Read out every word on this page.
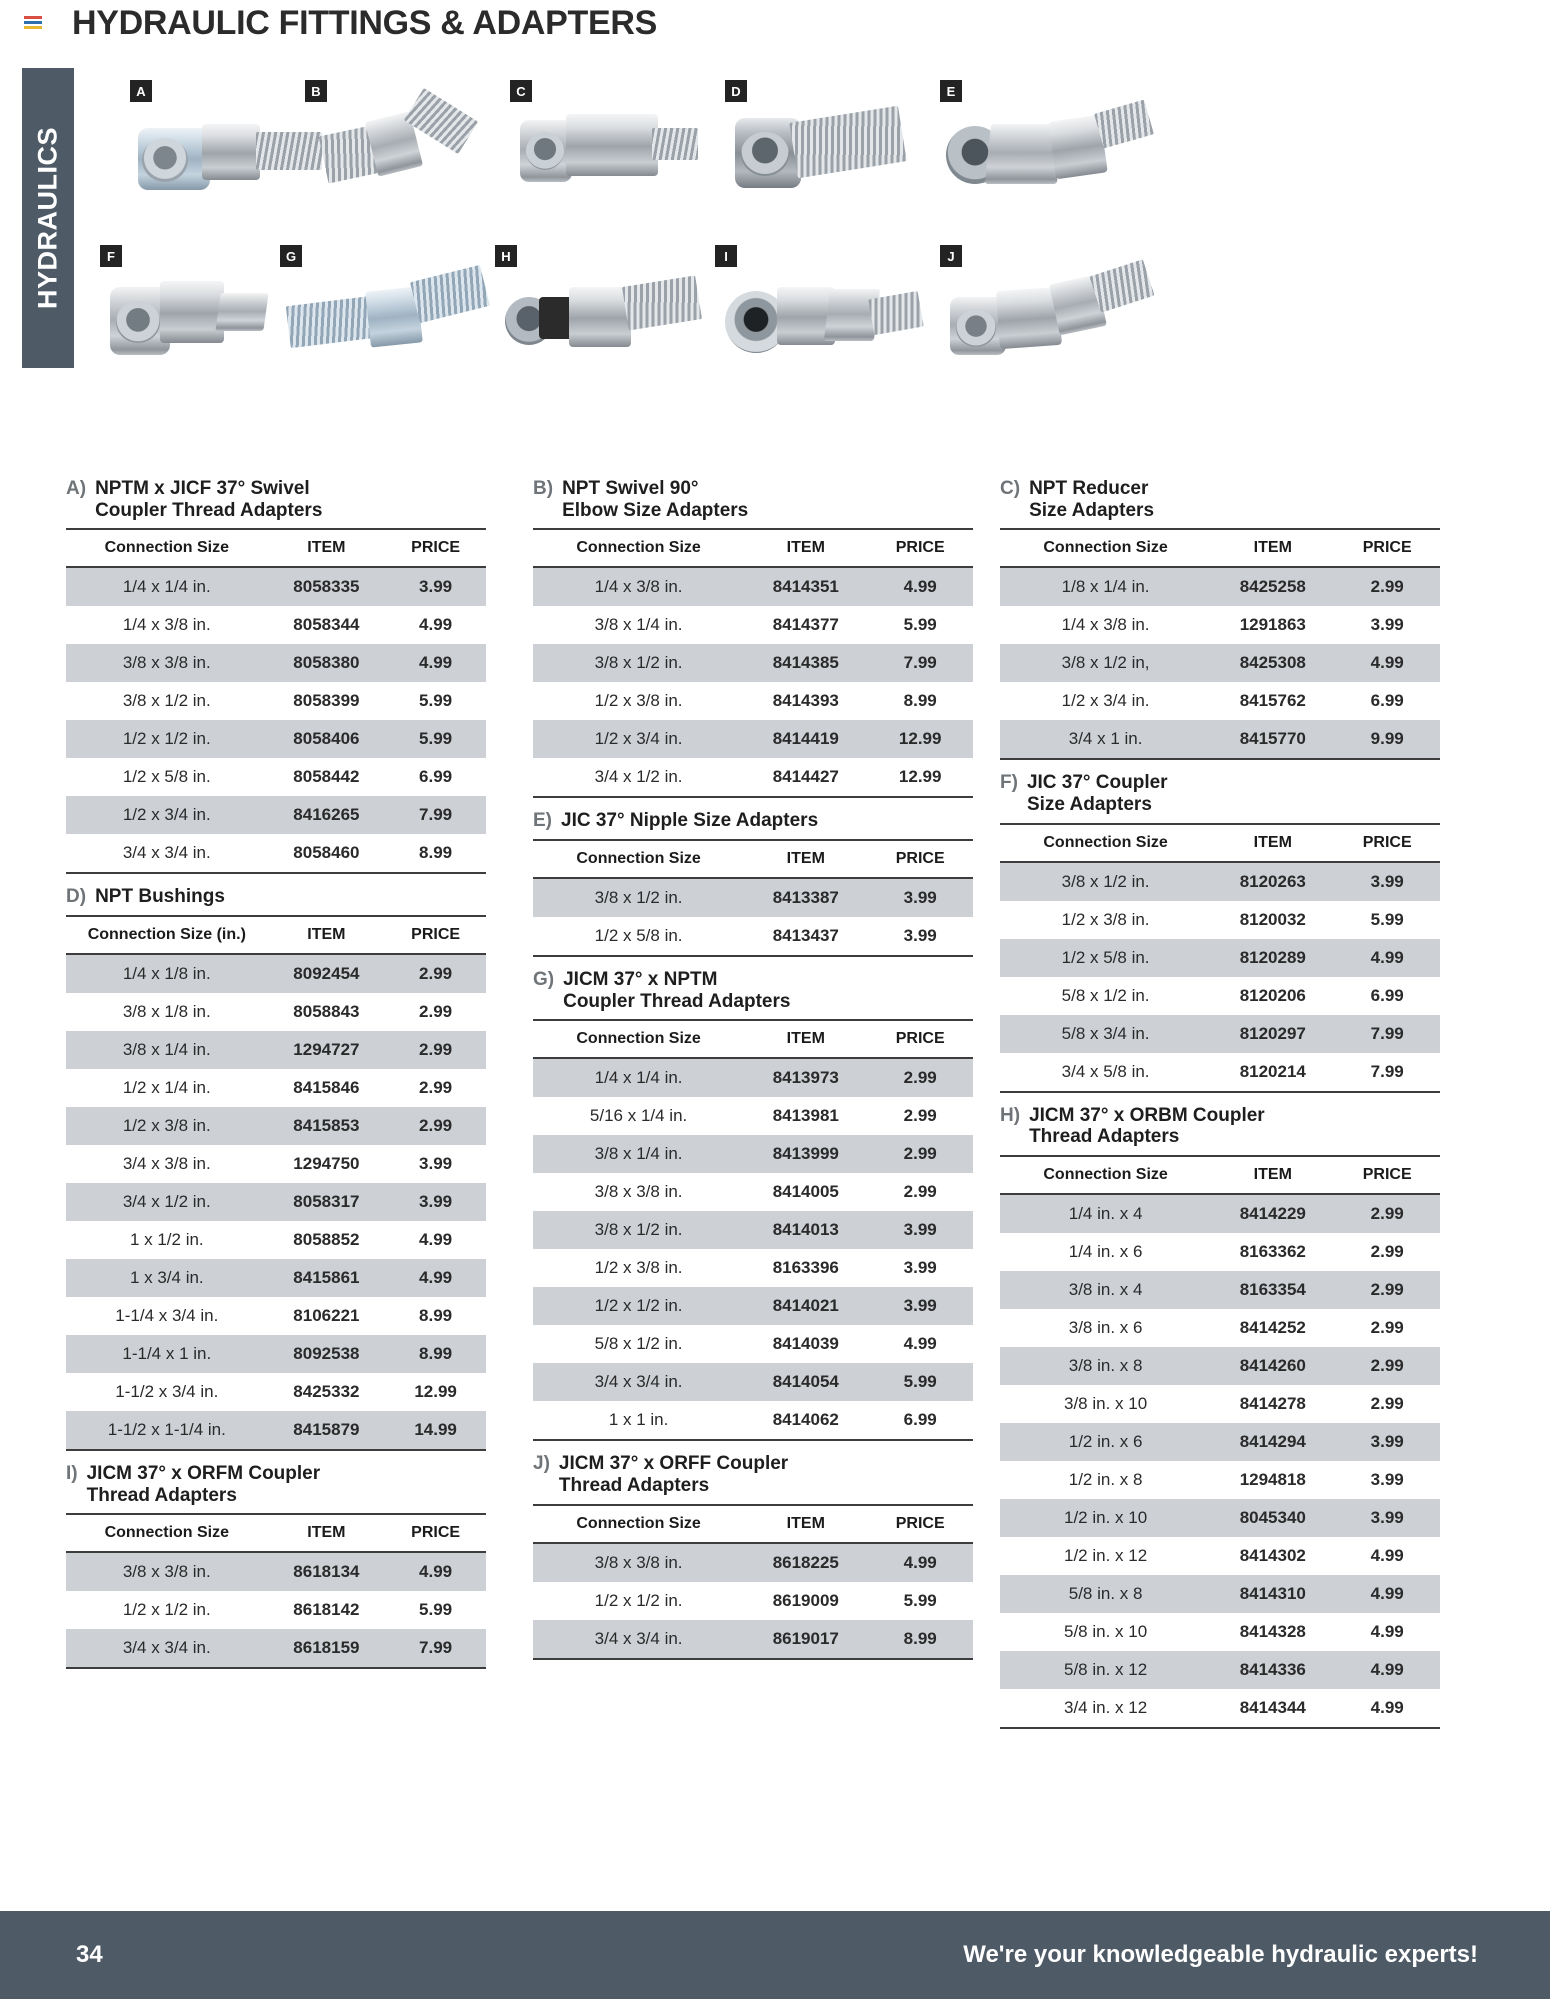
HYDRAULIC FITTINGS & ADAPTERS
HYDRAULICS
A	B	C	D	E
F	G	H	I	J
A) NPTM x JICF 37° Swivel
Coupler Thread Adapters
Connection Size	ITEM	PRICE
1/4 x 1/4 in.	8058335	3.99
1/4 x 3/8 in.	8058344	4.99
3/8 x 3/8 in.	8058380	4.99
3/8 x 1/2 in.	8058399	5.99
1/2 x 1/2 in.	8058406	5.99
1/2 x 5/8 in.	8058442	6.99
1/2 x 3/4 in.	8416265	7.99
3/4 x 3/4 in.	8058460	8.99
D) NPT Bushings
Connection Size (in.)	ITEM	PRICE
1/4 x 1/8 in.	8092454	2.99
3/8 x 1/8 in.	8058843	2.99
3/8 x 1/4 in.	1294727	2.99
1/2 x 1/4 in.	8415846	2.99
1/2 x 3/8 in.	8415853	2.99
3/4 x 3/8 in.	1294750	3.99
3/4 x 1/2 in.	8058317	3.99
1 x 1/2 in.	8058852	4.99
1 x 3/4 in.	8415861	4.99
1-1/4 x 3/4 in.	8106221	8.99
1-1/4 x 1 in.	8092538	8.99
1-1/2 x 3/4 in.	8425332	12.99
1-1/2 x 1-1/4 in.	8415879	14.99
I) JICM 37° x ORFM Coupler
Thread Adapters
Connection Size	ITEM	PRICE
3/8 x 3/8 in.	8618134	4.99
1/2 x 1/2 in.	8618142	5.99
3/4 x 3/4 in.	8618159	7.99
B) NPT Swivel 90°
Elbow Size Adapters
Connection Size	ITEM	PRICE
1/4 x 3/8 in.	8414351	4.99
3/8 x 1/4 in.	8414377	5.99
3/8 x 1/2 in.	8414385	7.99
1/2 x 3/8 in.	8414393	8.99
1/2 x 3/4 in.	8414419	12.99
3/4 x 1/2 in.	8414427	12.99
E) JIC 37° Nipple Size Adapters
Connection Size	ITEM	PRICE
3/8 x 1/2 in.	8413387	3.99
1/2 x 5/8 in.	8413437	3.99
G) JICM 37° x NPTM
Coupler Thread Adapters
Connection Size	ITEM	PRICE
1/4 x 1/4 in.	8413973	2.99
5/16 x 1/4 in.	8413981	2.99
3/8 x 1/4 in.	8413999	2.99
3/8 x 3/8 in.	8414005	2.99
3/8 x 1/2 in.	8414013	3.99
1/2 x 3/8 in.	8163396	3.99
1/2 x 1/2 in.	8414021	3.99
5/8 x 1/2 in.	8414039	4.99
3/4 x 3/4 in.	8414054	5.99
1 x 1 in.	8414062	6.99
J) JICM 37° x ORFF Coupler
Thread Adapters
Connection Size	ITEM	PRICE
3/8 x 3/8 in.	8618225	4.99
1/2 x 1/2 in.	8619009	5.99
3/4 x 3/4 in.	8619017	8.99
C) NPT Reducer
Size Adapters
Connection Size	ITEM	PRICE
1/8 x 1/4 in.	8425258	2.99
1/4 x 3/8 in.	1291863	3.99
3/8 x 1/2 in,	8425308	4.99
1/2 x 3/4 in.	8415762	6.99
3/4 x 1 in.	8415770	9.99
F) JIC 37° Coupler
Size Adapters
Connection Size	ITEM	PRICE
3/8 x 1/2 in.	8120263	3.99
1/2 x 3/8 in.	8120032	5.99
1/2 x 5/8 in.	8120289	4.99
5/8 x 1/2 in.	8120206	6.99
5/8 x 3/4 in.	8120297	7.99
3/4 x 5/8 in.	8120214	7.99
H) JICM 37° x ORBM Coupler
Thread Adapters
Connection Size	ITEM	PRICE
1/4 in. x 4	8414229	2.99
1/4 in. x 6	8163362	2.99
3/8 in. x 4	8163354	2.99
3/8 in. x 6	8414252	2.99
3/8 in. x 8	8414260	2.99
3/8 in. x 10	8414278	2.99
1/2 in. x 6	8414294	3.99
1/2 in. x 8	1294818	3.99
1/2 in. x 10	8045340	3.99
1/2 in. x 12	8414302	4.99
5/8 in. x 8	8414310	4.99
5/8 in. x 10	8414328	4.99
5/8 in. x 12	8414336	4.99
3/4 in. x 12	8414344	4.99
34	We're your knowledgeable hydraulic experts!
